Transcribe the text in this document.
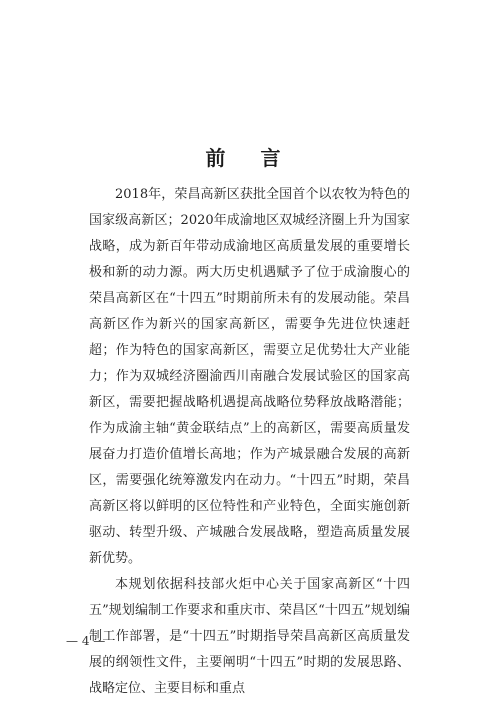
前 言

2018年，荣昌高新区获批全国首个以农牧为特色的国家级高新区；2020年成渝地区双城经济圈上升为国家战略，成为新百年带动成渝地区高质量发展的重要增长极和新的动力源。两大历史机遇赋予了位于成渝腹心的荣昌高新区在“十四五”时期前所未有的发展动能。荣昌高新区作为新兴的国家高新区，需要争先进位快速赶超；作为特色的国家高新区，需要立足优势壮大产业能力；作为双城经济圈渝西川南融合发展试验区的国家高新区，需要把握战略机遇提高战略位势释放战略潜能；作为成渝主轴“黄金联结点”上的高新区，需要高质量发展奋力打造价值增长高地；作为产城景融合发展的高新区，需要强化统筹激发内在动力。“十四五”时期，荣昌高新区将以鲜明的区位特性和产业特色，全面实施创新驱动、转型升级、产城融合发展战略，塑造高质量发展新优势。

本规划依据科技部火炬中心关于国家高新区“十四五”规划编制工作要求和重庆市、荣昌区“十四五”规划编制工作部署，是“十四五”时期指导荣昌高新区高质量发展的纲领性文件，主要阐明“十四五”时期的发展思路、战略定位、主要目标和重点

— 4 —
